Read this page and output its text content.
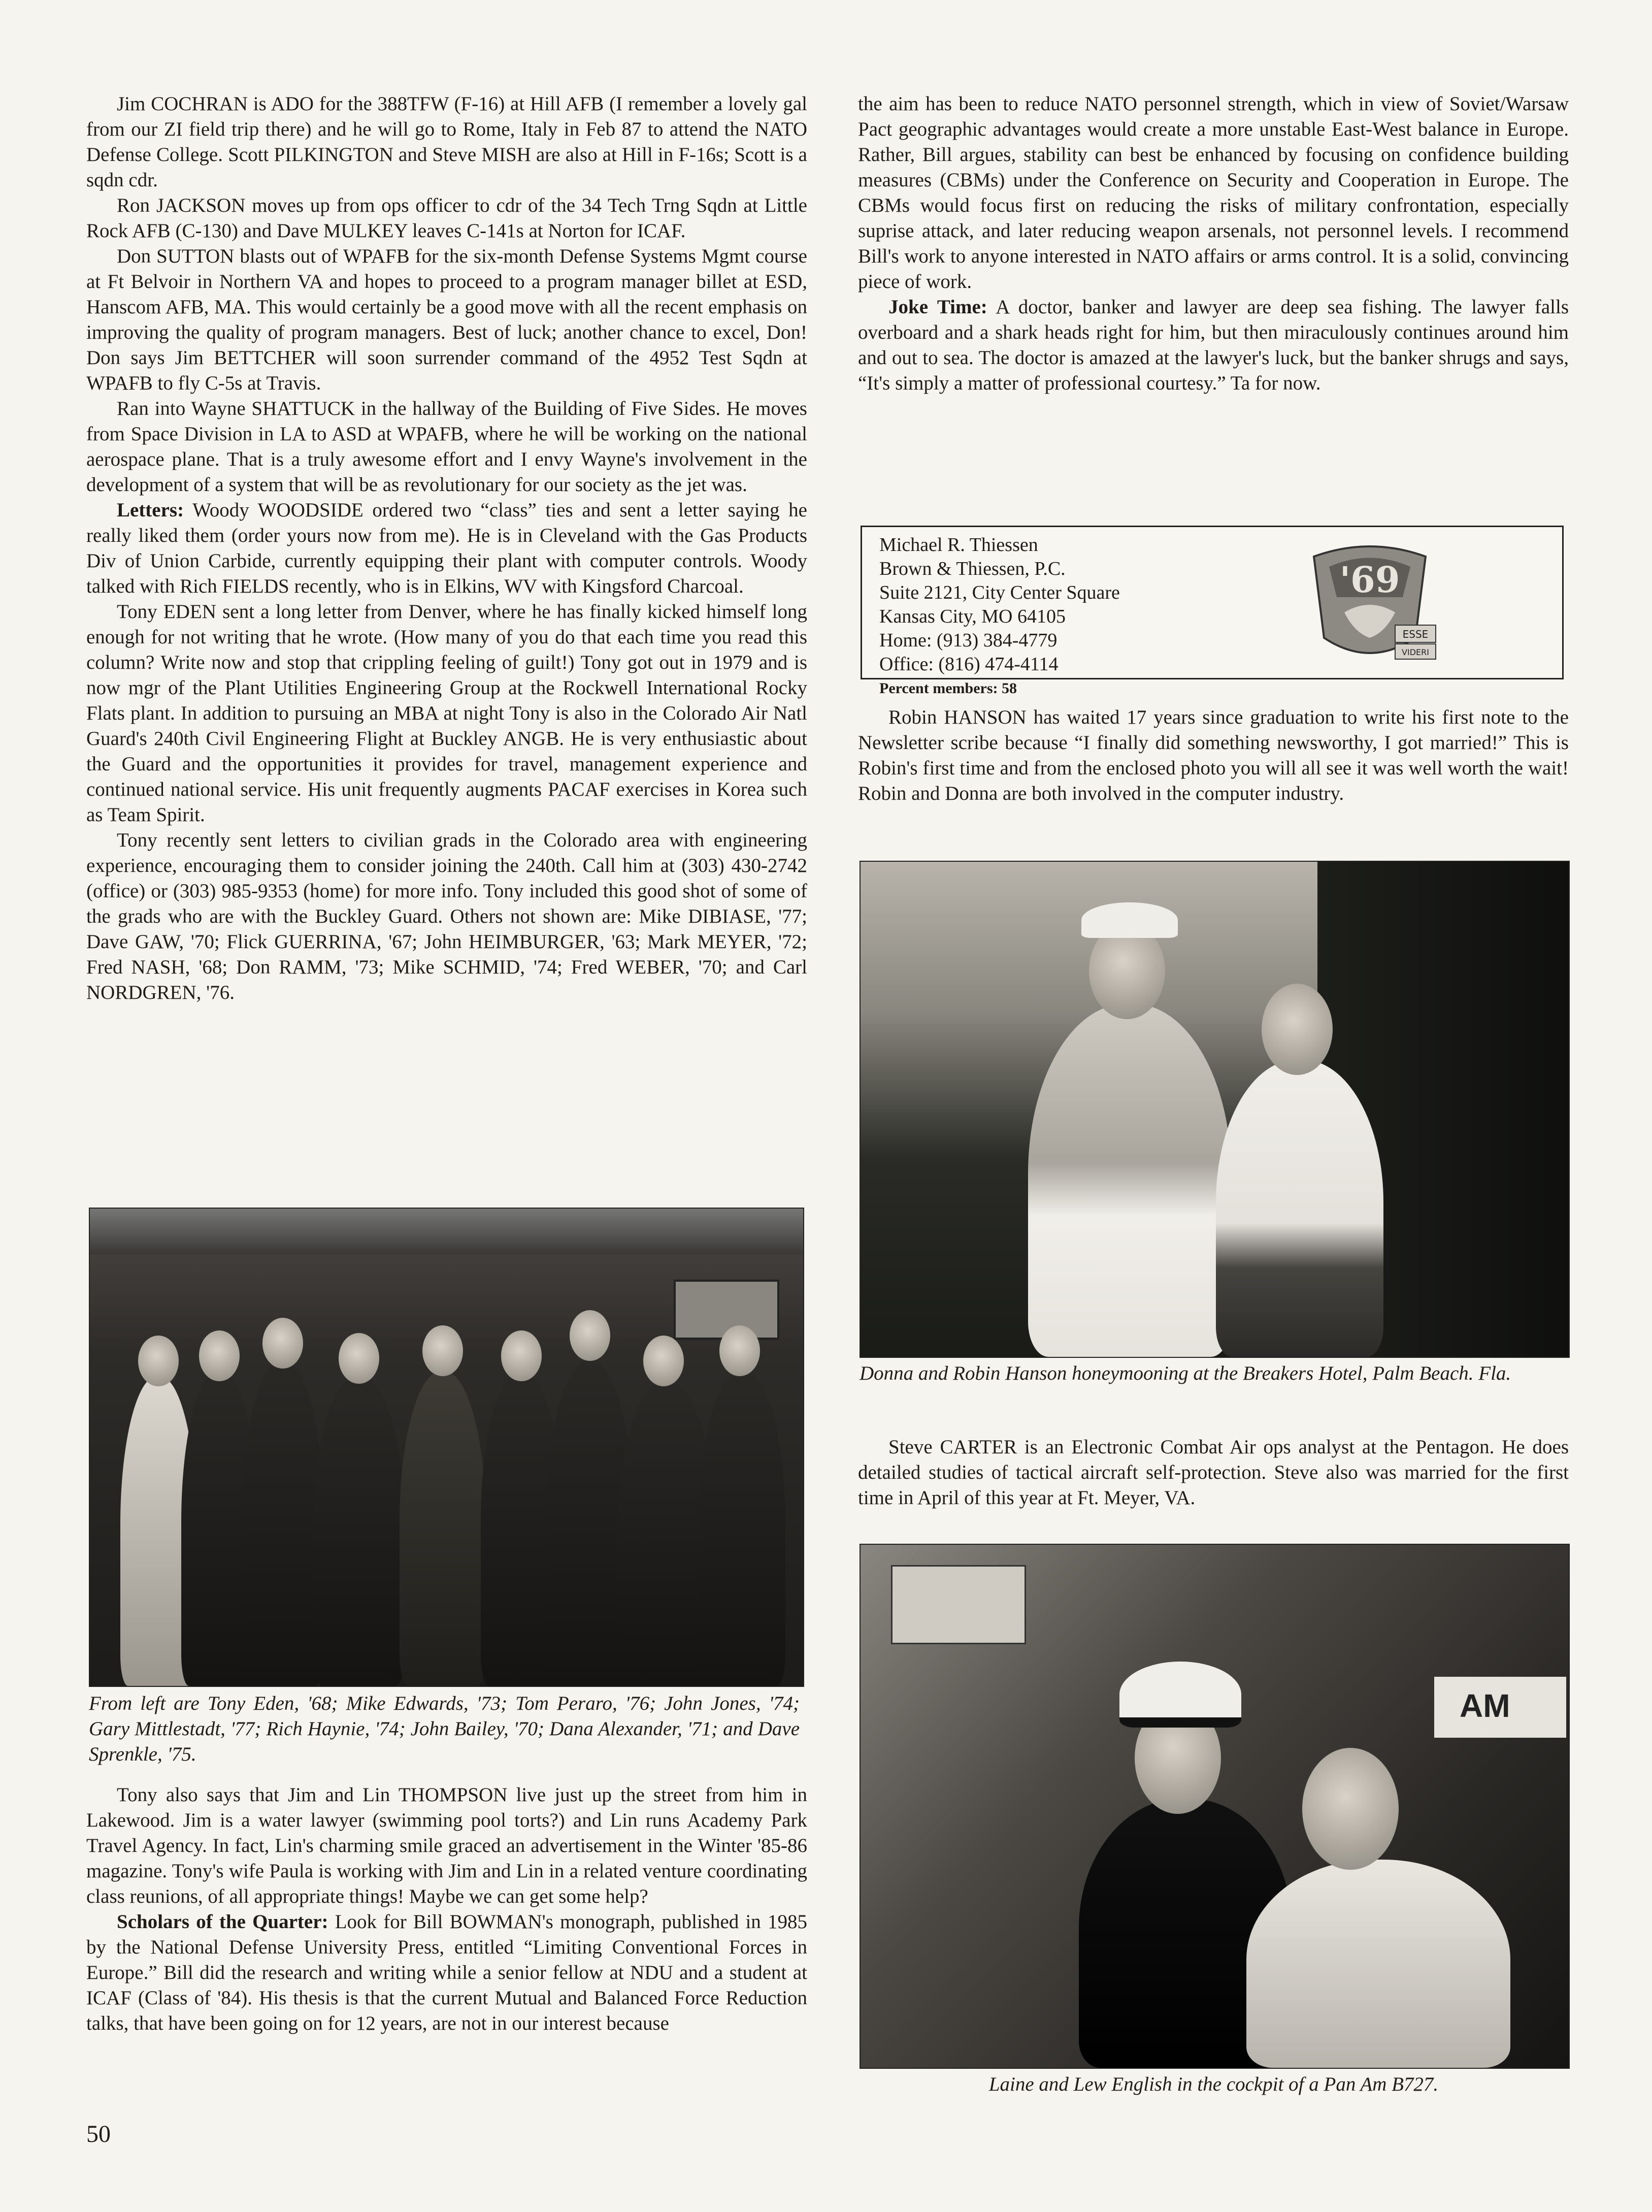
Jim COCHRAN is ADO for the 388TFW (F-16) at Hill AFB (I remember a lovely gal from our ZI field trip there) and he will go to Rome, Italy in Feb 87 to attend the NATO Defense College. Scott PILKINGTON and Steve MISH are also at Hill in F-16s; Scott is a sqdn cdr.

Ron JACKSON moves up from ops officer to cdr of the 34 Tech Trng Sqdn at Little Rock AFB (C-130) and Dave MULKEY leaves C-141s at Norton for ICAF.

Don SUTTON blasts out of WPAFB for the six-month Defense Systems Mgmt course at Ft Belvoir in Northern VA and hopes to proceed to a program manager billet at ESD, Hanscom AFB, MA. This would certainly be a good move with all the recent emphasis on improving the quality of program managers. Best of luck; another chance to excel, Don! Don says Jim BETTCHER will soon surrender command of the 4952 Test Sqdn at WPAFB to fly C-5s at Travis.

Ran into Wayne SHATTUCK in the hallway of the Building of Five Sides. He moves from Space Division in LA to ASD at WPAFB, where he will be working on the national aerospace plane. That is a truly awesome effort and I envy Wayne's involvement in the development of a system that will be as revolutionary for our society as the jet was.

Letters: Woody WOODSIDE ordered two “class” ties and sent a letter saying he really liked them (order yours now from me). He is in Cleveland with the Gas Products Div of Union Carbide, currently equipping their plant with computer controls. Woody talked with Rich FIELDS recently, who is in Elkins, WV with Kingsford Charcoal.

Tony EDEN sent a long letter from Denver, where he has finally kicked himself long enough for not writing that he wrote. (How many of you do that each time you read this column? Write now and stop that crippling feeling of guilt!) Tony got out in 1979 and is now mgr of the Plant Utilities Engineering Group at the Rockwell International Rocky Flats plant. In addition to pursuing an MBA at night Tony is also in the Colorado Air Natl Guard's 240th Civil Engineering Flight at Buckley ANGB. He is very enthusiastic about the Guard and the opportunities it provides for travel, management experience and continued national service. His unit frequently augments PACAF exercises in Korea such as Team Spirit.

Tony recently sent letters to civilian grads in the Colorado area with engineering experience, encouraging them to consider joining the 240th. Call him at (303) 430-2742 (office) or (303) 985-9353 (home) for more info. Tony included this good shot of some of the grads who are with the Buckley Guard. Others not shown are: Mike DIBIASE, '77; Dave GAW, '70; Flick GUERRINA, '67; John HEIMBURGER, '63; Mark MEYER, '72; Fred NASH, '68; Don RAMM, '73; Mike SCHMID, '74; Fred WEBER, '70; and Carl NORDGREN, '76.

From left are Tony Eden, '68; Mike Edwards, '73; Tom Peraro, '76; John Jones, '74; Gary Mittlestadt, '77; Rich Haynie, '74; John Bailey, '70; Dana Alexander, '71; and Dave Sprenkle, '75.

Tony also says that Jim and Lin THOMPSON live just up the street from him in Lakewood. Jim is a water lawyer (swimming pool torts?) and Lin runs Academy Park Travel Agency. In fact, Lin's charming smile graced an advertisement in the Winter '85-86 magazine. Tony's wife Paula is working with Jim and Lin in a related venture coordinating class reunions, of all appropriate things! Maybe we can get some help?

Scholars of the Quarter: Look for Bill BOWMAN's monograph, published in 1985 by the National Defense University Press, entitled “Limiting Conventional Forces in Europe.” Bill did the research and writing while a senior fellow at NDU and a student at ICAF (Class of '84). His thesis is that the current Mutual and Balanced Force Reduction talks, that have been going on for 12 years, are not in our interest because

the aim has been to reduce NATO personnel strength, which in view of Soviet/Warsaw Pact geographic advantages would create a more unstable East-West balance in Europe. Rather, Bill argues, stability can best be enhanced by focusing on confidence building measures (CBMs) under the Conference on Security and Cooperation in Europe. The CBMs would focus first on reducing the risks of military confrontation, especially suprise attack, and later reducing weapon arsenals, not personnel levels. I recommend Bill's work to anyone interested in NATO affairs or arms control. It is a solid, convincing piece of work.

Joke Time: A doctor, banker and lawyer are deep sea fishing. The lawyer falls overboard and a shark heads right for him, but then miraculously continues around him and out to sea. The doctor is amazed at the lawyer's luck, but the banker shrugs and says, “It's simply a matter of professional courtesy.” Ta for now.

Michael R. Thiessen
Brown & Thiessen, P.C.
Suite 2121, City Center Square
Kansas City, MO 64105
Home: (913) 384-4779
Office: (816) 474-4114
Percent members: 58
'69
ESSE
VIDERI

Robin HANSON has waited 17 years since graduation to write his first note to the Newsletter scribe because “I finally did something newsworthy, I got married!” This is Robin's first time and from the enclosed photo you will all see it was well worth the wait! Robin and Donna are both involved in the computer industry.

Donna and Robin Hanson honeymooning at the Breakers Hotel, Palm Beach. Fla.

Steve CARTER is an Electronic Combat Air ops analyst at the Pentagon. He does detailed studies of tactical aircraft self-protection. Steve also was married for the first time in April of this year at Ft. Meyer, VA.

AM
Laine and Lew English in the cockpit of a Pan Am B727.
50
